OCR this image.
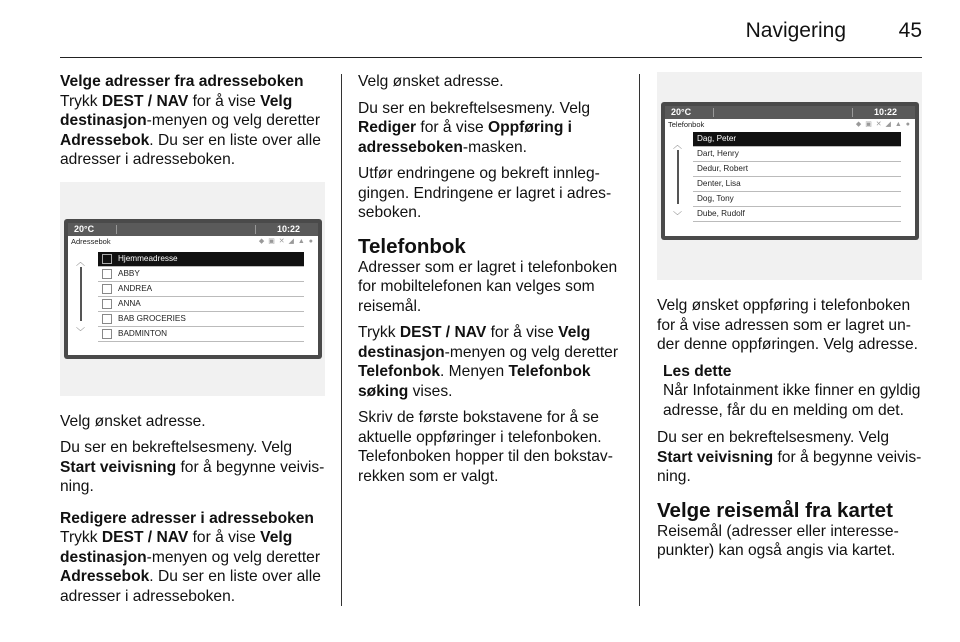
Navigering	45

Velge adresser fra adresseboken

Trykk DEST / NAV for å vise Velg destinasjon-menyen og velg deretter Adressebok. Du ser en liste over alle adresser i adresseboken.

20°C	10:22
Adressebok	◆ ▣ ✕ ◢ ▲ ●
︿
﹀
Hjemmeadresse
ABBY
ANDREA
ANNA
BAB GROCERIES
BADMINTON

Velg ønsket adresse.

Du ser en bekreftelsesmeny. Velg Start veivisning for å begynne veivisning.

Redigere adresser i adresseboken

Trykk DEST / NAV for å vise Velg destinasjon-menyen og velg deretter Adressebok. Du ser en liste over alle adresser i adresseboken.

Velg ønsket adresse.

Du ser en bekreftelsesmeny. Velg Rediger for å vise Oppføring i adresseboken-masken.

Utfør endringene og bekreft innleggingen. Endringene er lagret i adresseboken.

Telefonbok

Adresser som er lagret i telefonboken for mobiltelefonen kan velges som reisemål.

Trykk DEST / NAV for å vise Velg destinasjon-menyen og velg deretter Telefonbok. Menyen Telefonbok søking vises.

Skriv de første bokstavene for å se aktuelle oppføringer i telefonboken. Telefonboken hopper til den bokstavrekken som er valgt.

20°C	10:22
Telefonbok	◆ ▣ ✕ ◢ ▲ ●
︿
﹀
Dag, Peter
Dart, Henry
Dedur, Robert
Denter, Lisa
Dog, Tony
Dube, Rudolf

Velg ønsket oppføring i telefonboken for å vise adressen som er lagret under denne oppføringen. Velg adresse.

Les dette
Når Infotainment ikke finner en gyldig adresse, får du en melding om det.

Du ser en bekreftelsesmeny. Velg Start veivisning for å begynne veivisning.

Velge reisemål fra kartet

Reisemål (adresser eller interessepunkter) kan også angis via kartet.
